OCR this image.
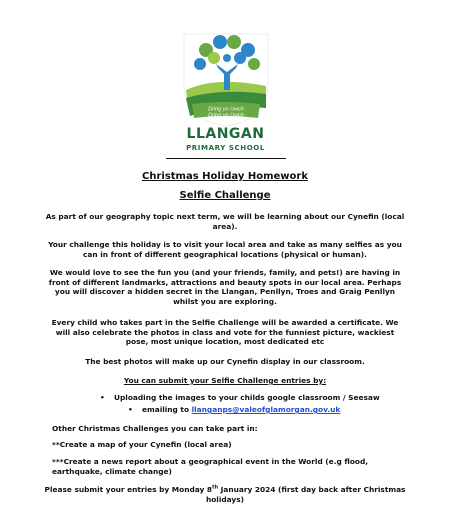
Dring yn Uwch
Dring yn Uwch
LLANGAN
PRIMARY SCHOOL
Christmas Holiday Homework
Selfie Challenge
As part of our geography topic next term, we will be learning about our Cynefin (local area).
Your challenge this holiday is to visit your local area and take as many selfies as you can in front of different geographical locations (physical or human).
We would love to see the fun you (and your friends, family, and pets!) are having in front of different landmarks, attractions and beauty spots in our local area. Perhaps you will discover a hidden secret in the Llangan, Penllyn, Troes and Graig Penllyn whilst you are exploring.
Every child who takes part in the Selfie Challenge will be awarded a certificate. We will also celebrate the photos in class and vote for the funniest picture, wackiest pose, most unique location, most dedicated etc
The best photos will make up our Cynefin display in our classroom.
You can submit your Selfie Challenge entries by:
• Uploading the images to your childs google classroom / Seesaw
• emailing to llanganps@valeofglamorgan.gov.uk
Other Christmas Challenges you can take part in:
**Create a map of your Cynefin (local area)
***Create a news report about a geographical event in the World (e.g flood, earthquake, climate change)
Please submit your entries by Monday 8th January 2024 (first day back after Christmas holidays)
